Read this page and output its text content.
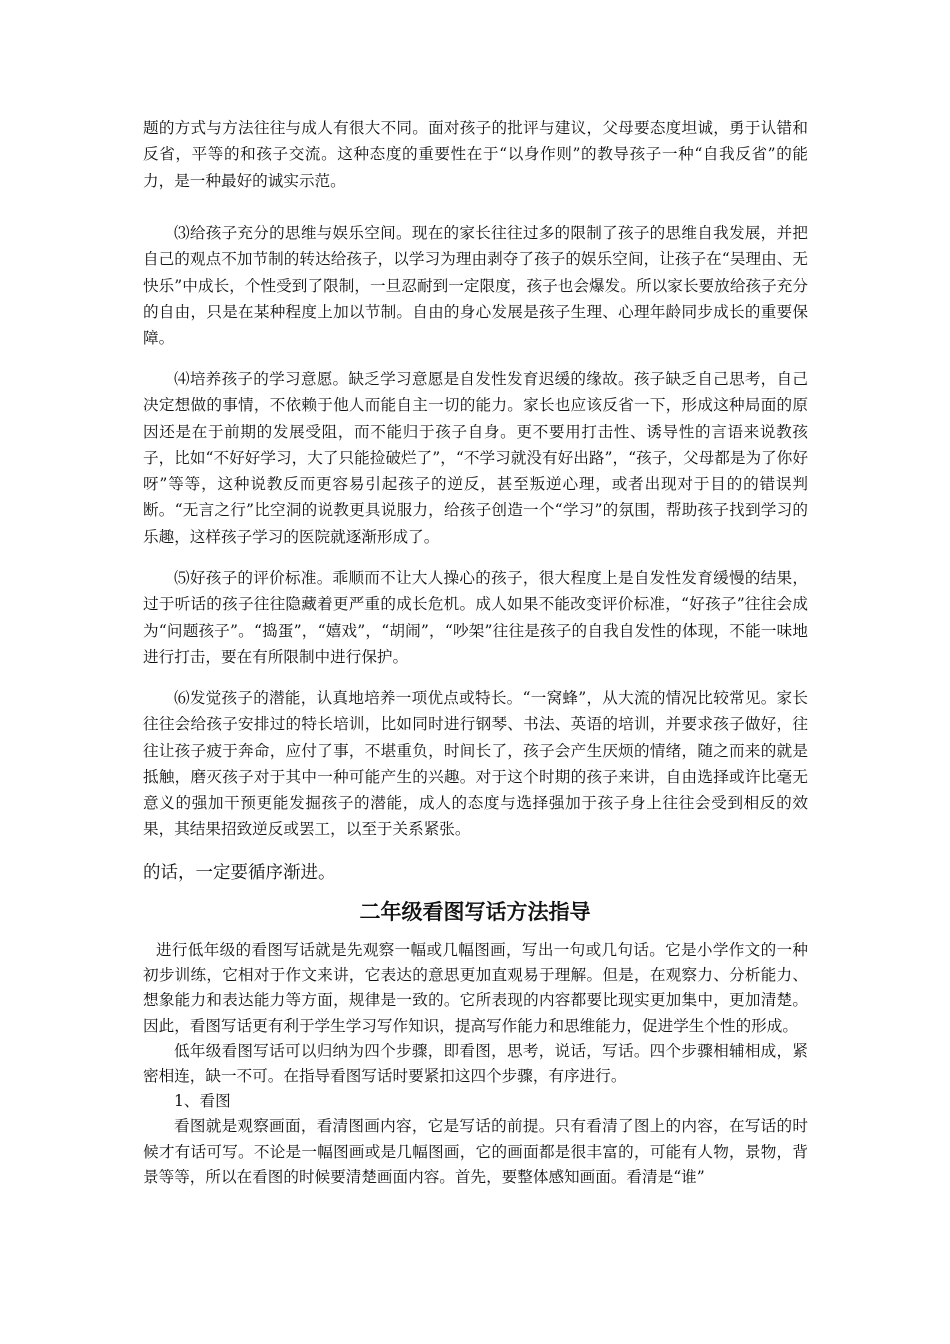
题的方式与方法往往与成人有很大不同。面对孩子的批评与建议，父母要态度坦诚，勇于认错和反省，平等的和孩子交流。这种态度的重要性在于“以身作则”的教导孩子一种“自我反省”的能力，是一种最好的诚实示范。

⑶给孩子充分的思维与娱乐空间。现在的家长往往过多的限制了孩子的思维自我发展，并把自己的观点不加节制的转达给孩子，以学习为理由剥夺了孩子的娱乐空间，让孩子在“吴理由、无快乐”中成长，个性受到了限制，一旦忍耐到一定限度，孩子也会爆发。所以家长要放给孩子充分的自由，只是在某种程度上加以节制。自由的身心发展是孩子生理、心理年龄同步成长的重要保障。

⑷培养孩子的学习意愿。缺乏学习意愿是自发性发育迟缓的缘故。孩子缺乏自己思考，自己决定想做的事情，不依赖于他人而能自主一切的能力。家长也应该反省一下，形成这种局面的原因还是在于前期的发展受阻，而不能归于孩子自身。更不要用打击性、诱导性的言语来说教孩子，比如“不好好学习，大了只能捡破烂了”，“不学习就没有好出路”，“孩子，父母都是为了你好呀”等等，这种说教反而更容易引起孩子的逆反，甚至叛逆心理，或者出现对于目的的错误判断。“无言之行”比空洞的说教更具说服力，给孩子创造一个“学习”的氛围，帮助孩子找到学习的乐趣，这样孩子学习的医院就逐渐形成了。

⑸好孩子的评价标准。乖顺而不让大人操心的孩子，很大程度上是自发性发育缓慢的结果，过于听话的孩子往往隐藏着更严重的成长危机。成人如果不能改变评价标准，“好孩子”往往会成为“问题孩子”。“捣蛋”，“嬉戏”，“胡闹”，“吵架”往往是孩子的自我自发性的体现，不能一味地进行打击，要在有所限制中进行保护。

⑹发觉孩子的潜能，认真地培养一项优点或特长。“一窝蜂”，从大流的情况比较常见。家长往往会给孩子安排过的特长培训，比如同时进行钢琴、书法、英语的培训，并要求孩子做好，往往让孩子疲于奔命，应付了事，不堪重负，时间长了，孩子会产生厌烦的情绪，随之而来的就是抵触，磨灭孩子对于其中一种可能产生的兴趣。对于这个时期的孩子来讲，自由选择或许比毫无意义的强加干预更能发掘孩子的潜能，成人的态度与选择强加于孩子身上往往会受到相反的效果，其结果招致逆反或罢工，以至于关系紧张。

的话，一定要循序渐进。

二年级看图写话方法指导

进行低年级的看图写话就是先观察一幅或几幅图画，写出一句或几句话。它是小学作文的一种初步训练，它相对于作文来讲，它表达的意思更加直观易于理解。但是，在观察力、分析能力、想象能力和表达能力等方面，规律是一致的。它所表现的内容都要比现实更加集中，更加清楚。因此，看图写话更有利于学生学习写作知识，提高写作能力和思维能力，促进学生个性的形成。

低年级看图写话可以归纳为四个步骤，即看图，思考，说话，写话。四个步骤相辅相成，紧密相连，缺一不可。在指导看图写话时要紧扣这四个步骤，有序进行。

1、看图

看图就是观察画面，看清图画内容，它是写话的前提。只有看清了图上的内容，在写话的时候才有话可写。不论是一幅图画或是几幅图画，它的画面都是很丰富的，可能有人物，景物，背景等等，所以在看图的时候要清楚画面内容。首先，要整体感知画面。看清是“谁”
